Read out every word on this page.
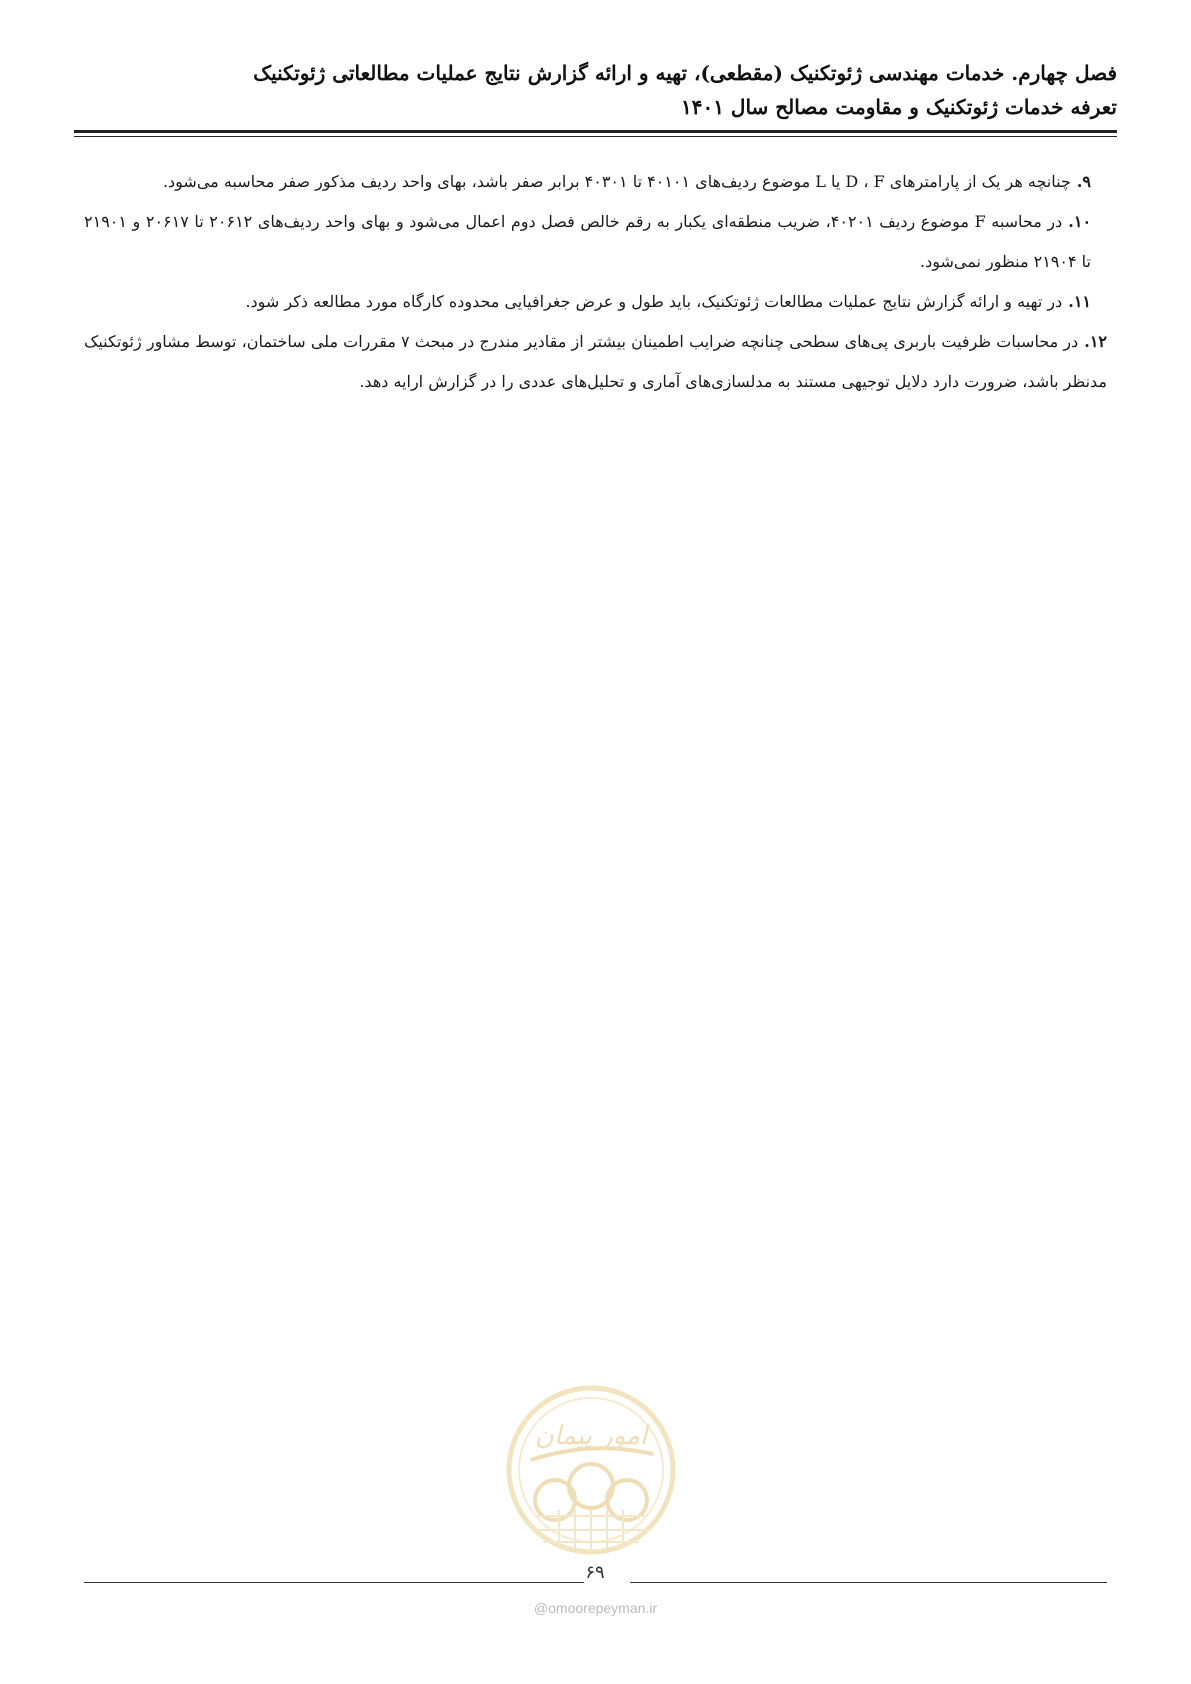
فصل چهارم. خدمات مهندسی ژئوتکنیک (مقطعی)، تهیه و ارائه گزارش نتایج عملیات مطالعاتی ژئوتکنیک
تعرفه خدمات ژئوتکنیک و مقاومت مصالح سال ۱۴۰۱

۹.چنانچه هر یک از پارامترهای D ، F یا L موضوع ردیف‌های ۴۰۱۰۱ تا ۴۰۳۰۱ برابر صفر باشد، بهای واحد ردیف مذکور صفر محاسبه می‌شود.

۱۰.در محاسبه F موضوع ردیف ۴۰۲۰۱، ضریب منطقه‌ای یکبار به رقم خالص فصل دوم اعمال می‌شود و بهای واحد ردیف‌های ۲۰۶۱۲ تا ۲۰۶۱۷ و ۲۱۹۰۱ تا ۲۱۹۰۴ منظور نمی‌شود.

۱۱.در تهیه و ارائه گزارش نتایج عملیات مطالعات ژئوتکنیک، باید طول و عرض جغرافیایی محدوده کارگاه مورد مطالعه ذکر شود.

۱۲.در محاسبات ظرفیت باربری پی‌های سطحی چنانچه ضرایب اطمینان بیشتر از مقادیر مندرج در مبحث ۷ مقررات ملی ساختمان، توسط مشاور ژئوتکنیک مدنظر باشد، ضرورت دارد دلایل توجیهی مستند به مدلسازی‌های آماری و تحلیل‌های عددی را در گزارش ارایه دهد.

امور پیمان
۶۹
@omoorepeyman.ir
